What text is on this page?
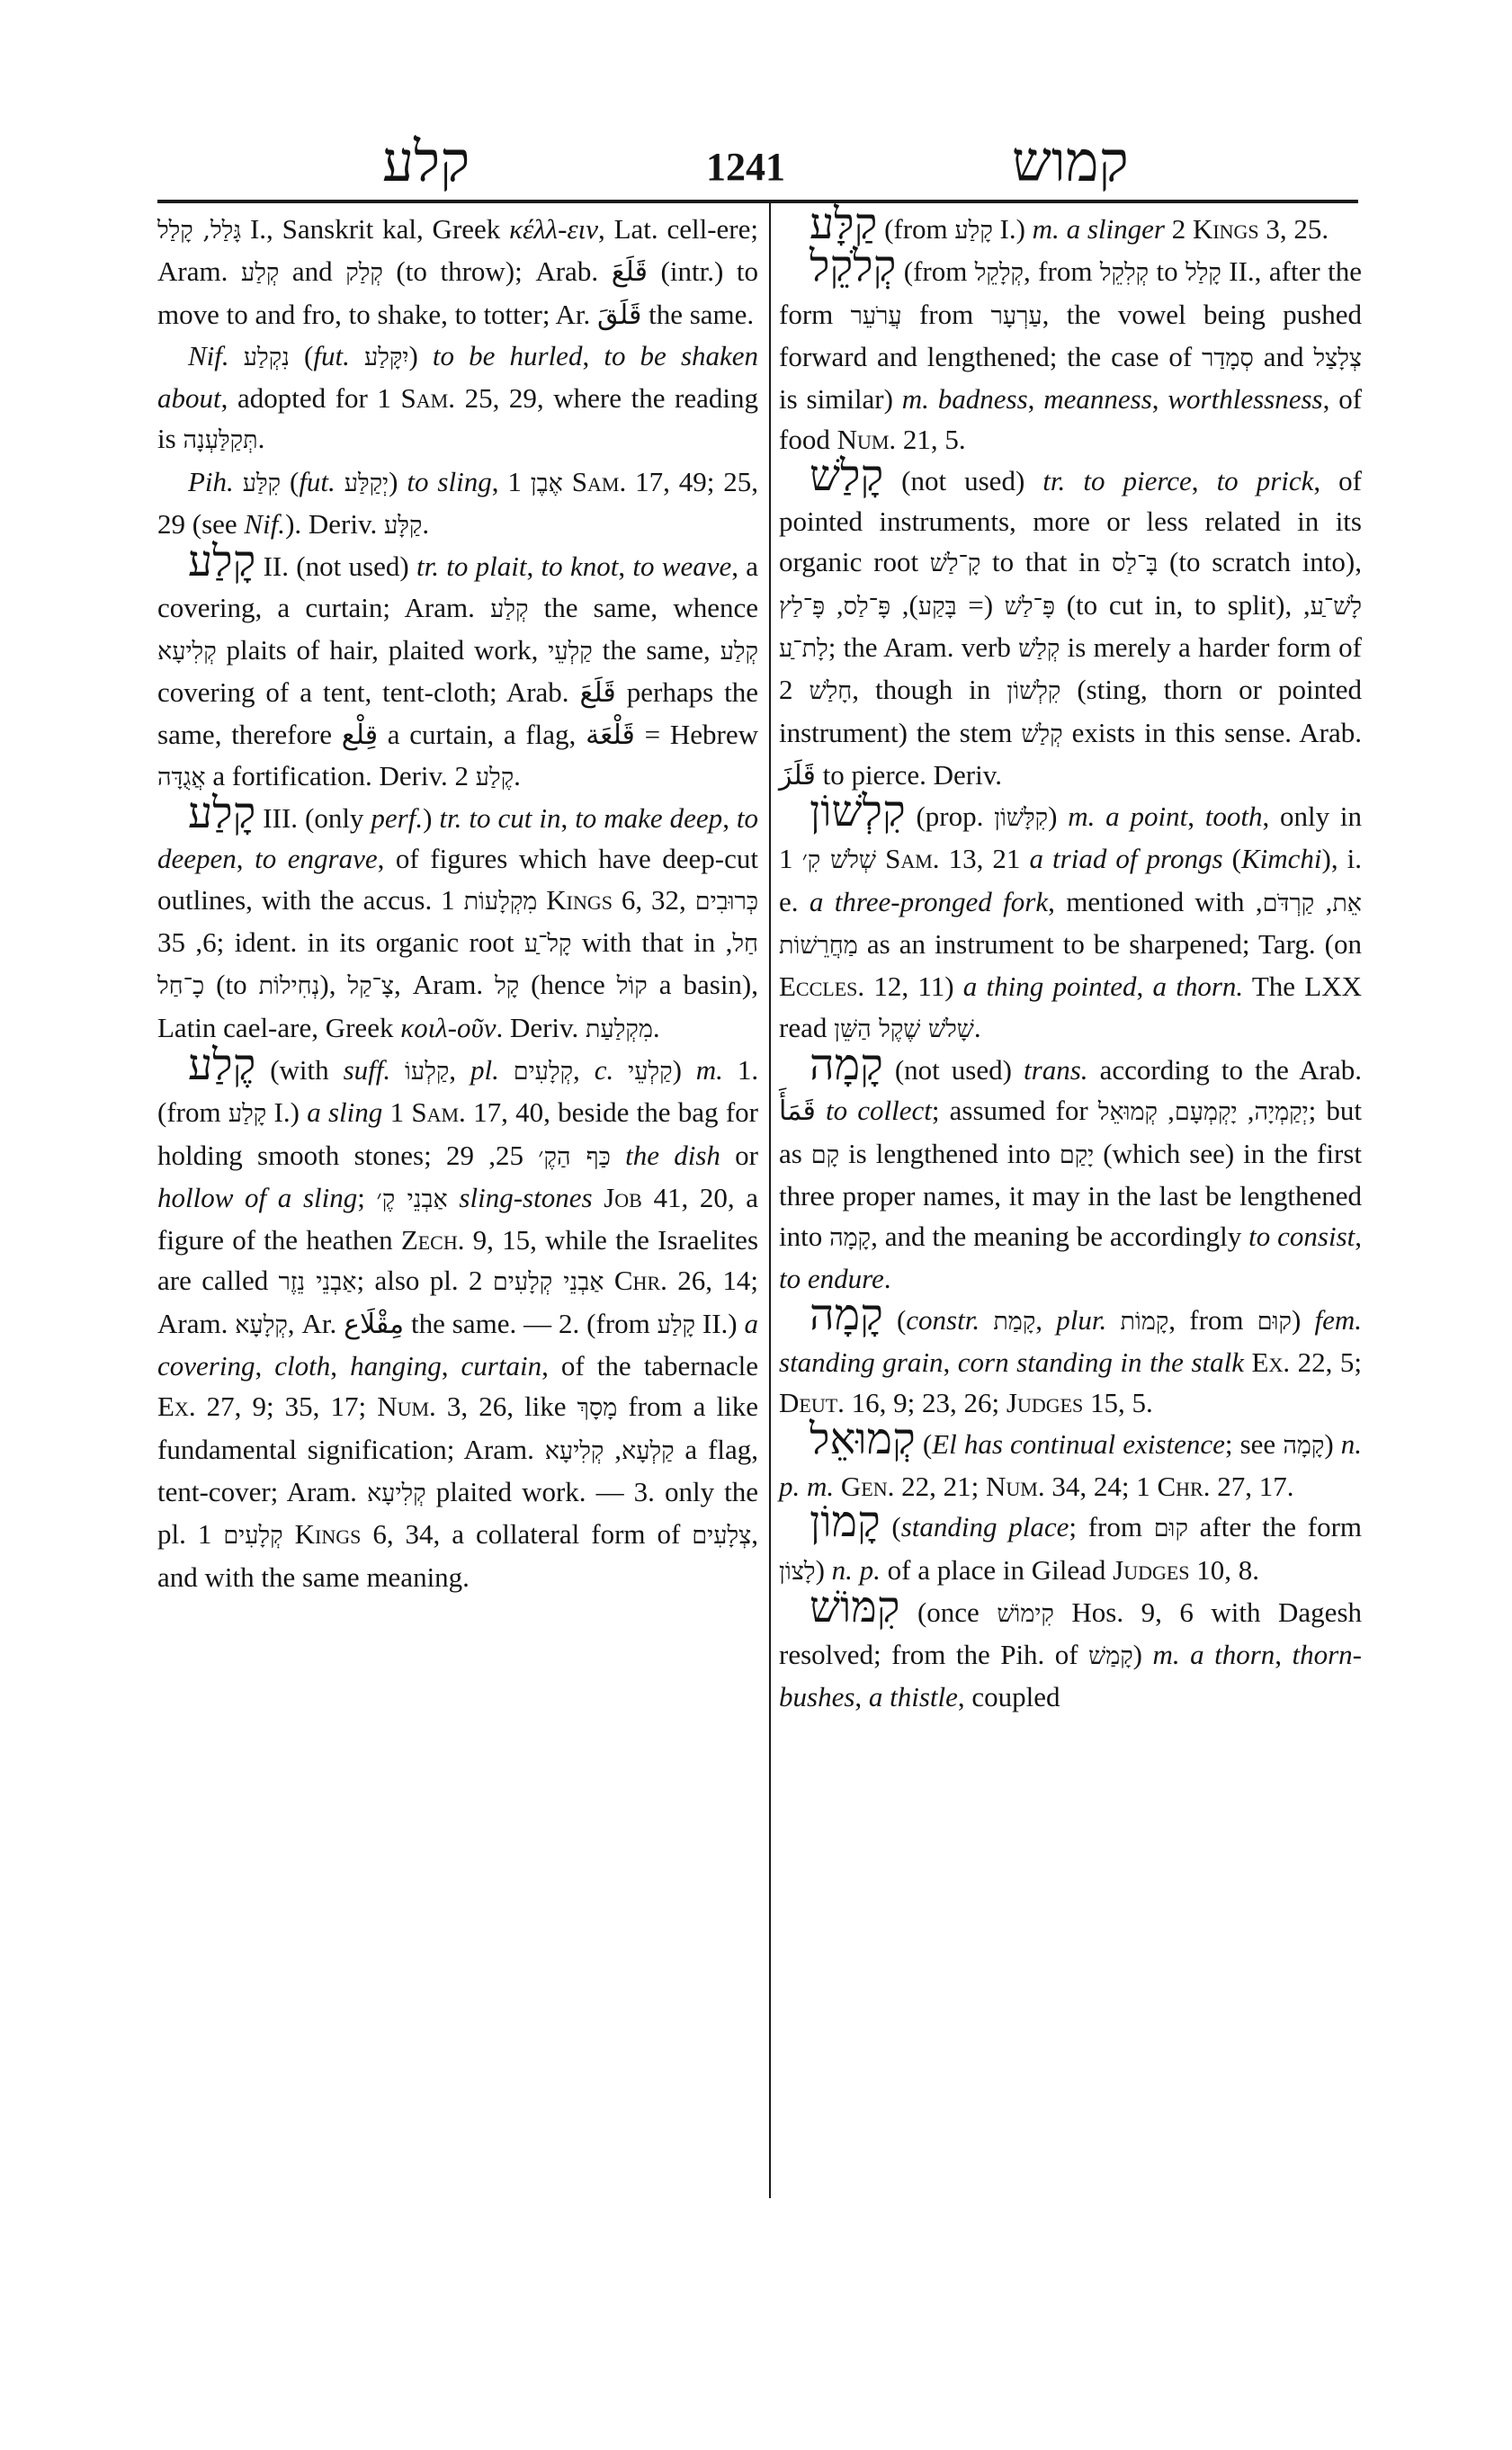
קלע	1241	קמוש

גָּלַל, קָלַל I., Sanskrit kal, Greek κέλλ-ειν, Lat. cell-ere; Aram. קְלַע and קְלַק (to throw); Arab. قَلَعَ (intr.) to move to and fro, to shake, to totter; Ar. قَلَقَ the same.

Nif. נִקְלַע (fut. יִקָּלַע) to be hurled, to be shaken about, adopted for 1 Sam. 25, 29, where the reading is תְּקַלַּעְנָה.

Pih. קִלַּע (fut. יְקַלַּע) to sling, אֶבֶן 1 Sam. 17, 49; 25, 29 (see Nif.). Deriv. קַלָּע.

קָלַע II. (not used) tr. to plait, to knot, to weave, a covering, a curtain; Aram. קְלַע the same, whence קְלִיעָא plaits of hair, plaited work, קַלְעֵי the same, קְלַע covering of a tent, tent-cloth; Arab. قَلَعَ perhaps the same, therefore قِلْع a curtain, a flag, قَلْعَة = Hebrew אֲגֻדָּה a fortification. Deriv. קֶלַע 2.

קָלַע III. (only perf.) tr. to cut in, to make deep, to deepen, to engrave, of figures which have deep-cut outlines, with the accus. מִקְלָעוֹת 1 Kings 6, 32, כְּרוּבִים 6, 35; ident. in its organic root קָל־ַע with that in חַל, כָ־חַל (to נְחִילוֹת), צָ־קַל, Aram. קָל (hence קוֹל a basin), Latin cael-are, Greek κοιλ-οῦν. Deriv. מִקְלַעַת.

קֶלַע (with suff. קַלְעוֹ, pl. קְלָעִים, c. קַלְעֵי) m. 1. (from קָלַע I.) a sling 1 Sam. 17, 40, beside the bag for holding smooth stones;	כַּף הַקֶ׳ 25, 29 the dish or hollow of a sling; אַבְנֵי קֶ׳ sling-stones Job 41, 20, a figure of the heathen Zech. 9, 15, while the Israelites are called אַבְנֵי נֵזֶר; also pl. אַבְנֵי קְלָעִים 2 Chr. 26, 14; Aram. קְלָעָא, Ar. مِقْلَاع the same. — 2. (from קָלַע II.) a covering, cloth, hanging, curtain, of the tabernacle Ex. 27, 9; 35, 17; Num. 3, 26, like מָסָךְ from a like fundamental signification; Aram.	קַלְעָא, קְלִיעָא	a flag, tent-cover; Aram. קְלִיעָא plaited work. — 3. only the pl. קְלָעִים 1 Kings 6, 34, a collateral form of צְלָעִים, and with the same meaning.

קַלָּע (from קָלַע I.) m. a slinger 2 Kings 3, 25.

קְלֹקֵל (from קְלָקֵל, from קְלִקֵל to קָלַל II., after the form עֲרֹעֵר from עַרְעָר, the vowel being pushed forward and lengthened; the case of סְמָדַר and צְלָצַל is similar) m. badness, meanness, worthlessness, of food Num. 21, 5.

קָלַשׁ (not used) tr. to pierce, to prick, of pointed instruments, more or less related in its organic root קָ־לַשׁ to that in בָּ־לַס (to scratch into), פָּ־לַשׁ (= בָּקַע), פָּ־לַס, פָּ־לַץ	(to cut in, to split), לָשׁ־ַע, לָת־ַע; the Aram. verb קְלַשׁ is merely a harder form of חָלַשׁ 2, though in קִלְשׁוֹן (sting, thorn or pointed instrument) the stem קְלַשׁ exists in this sense. Arab. قَلَزَ to pierce. Deriv.

קִלְשׁוֹן (prop. קִלָּשׁוֹן) m. a point, tooth, only in שְׁלֹשׁ קִ׳ 1 Sam. 13, 21 a triad of prongs (Kimchi), i. e. a three-pronged fork, mentioned with	אֵת, קַרְדֹּם, מַחֲרֵשׁוֹת as an instrument to be sharpened; Targ. (on Eccles. 12, 11) a thing pointed, a thorn. The LXX read שָׁלֹשׁ שֶׁקֶל הַשֵּׁן.

קָמָה (not used) trans. according to the Arab. قَمَأَ to collect; assumed for	יְקַמְיָה, יָקְמְעָם, קְמוּאֵל	; but as קָם is lengthened into יָקַם (which see) in the first three proper names, it may in the last be lengthened into קָמָה, and the meaning be accordingly to consist, to endure.

קָמָה (constr. קָמַת, plur. קָמוֹת, from קוּם) fem. standing grain, corn standing in the stalk Ex. 22, 5; Deut. 16, 9; 23, 26; Judges 15, 5.

קְמוּאֵל (El has continual existence; see קָמָה) n. p. m. Gen. 22, 21; Num. 34, 24; 1 Chr. 27, 17.

קָמוֹן (standing place; from קוּם after the form לָצוֹן) n. p. of a place in Gilead Judges 10, 8.

קִמּוֹשׁ (once קִימוֹשׁ Hos. 9, 6 with Dagesh resolved; from the Pih. of קָמַשׁ) m. a thorn, thorn-bushes, a thistle, coupled
